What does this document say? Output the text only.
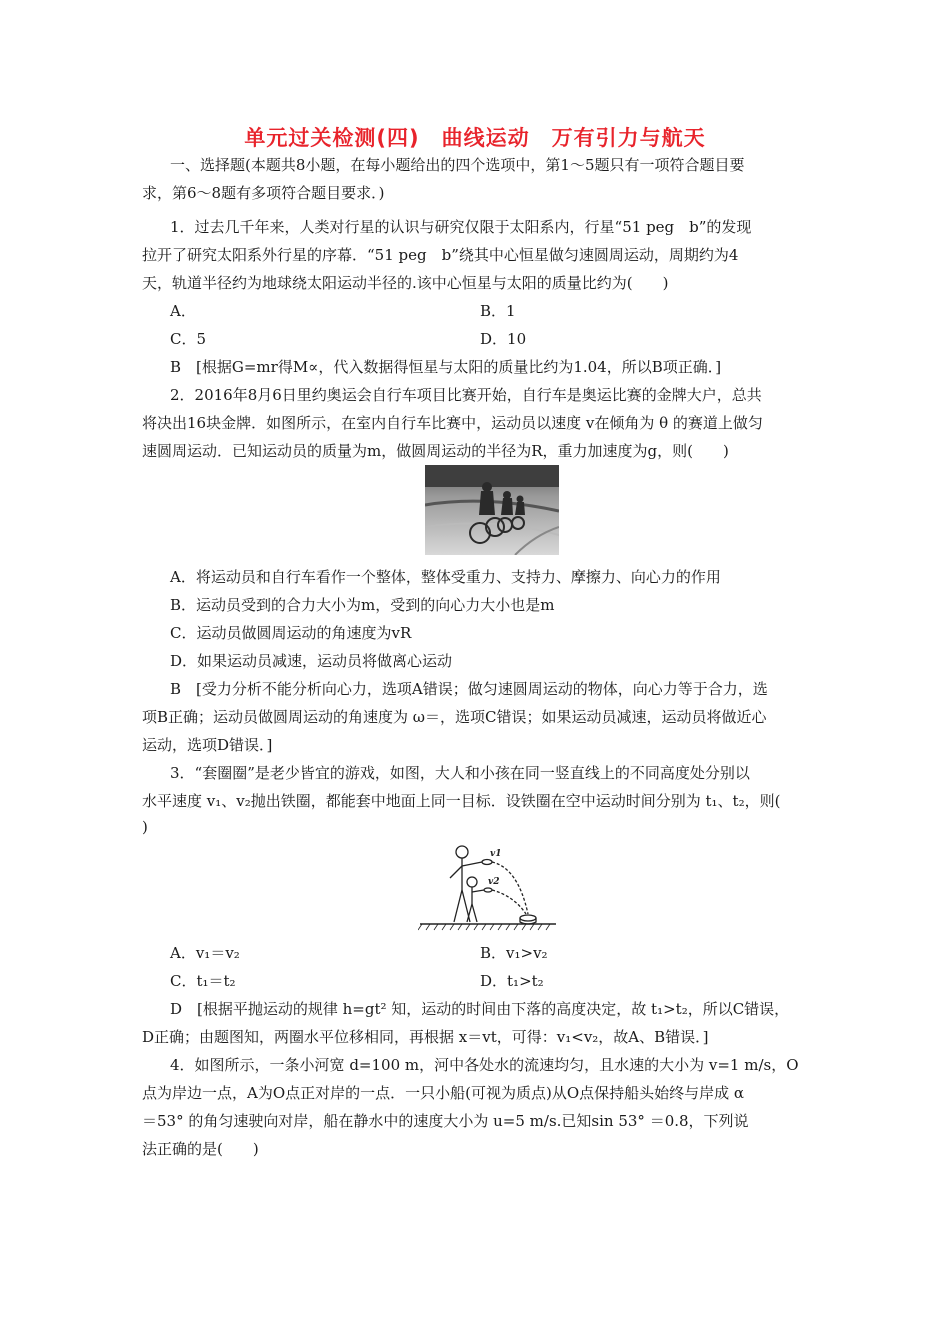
单元过关检测(四)　曲线运动　万有引力与航天
一、选择题(本题共8小题，在每小题给出的四个选项中，第1～5题只有一项符合题目要
求，第6～8题有多项符合题目要求．)
1．过去几千年来，人类对行星的认识与研究仅限于太阳系内，行星“51 peg　b”的发现
拉开了研究太阳系外行星的序幕．“51 peg　b”绕其中心恒星做匀速圆周运动，周期约为4
天，轨道半径约为地球绕太阳运动半径的.该中心恒星与太阳的质量比约为(　　)
A．	B．1
C．5	D．10
B　[根据G=mr得M∝，代入数据得恒星与太阳的质量比约为1.04，所以B项正确．]
2．2016年8月6日里约奥运会自行车项目比赛开始，自行车是奥运比赛的金牌大户，总共
将决出16块金牌．如图所示，在室内自行车比赛中，运动员以速度 v在倾角为 θ 的赛道上做匀
速圆周运动．已知运动员的质量为m，做圆周运动的半径为R，重力加速度为g，则(　　)
A．将运动员和自行车看作一个整体，整体受重力、支持力、摩擦力、向心力的作用
B．运动员受到的合力大小为m，受到的向心力大小也是m
C．运动员做圆周运动的角速度为vR
D．如果运动员减速，运动员将做离心运动
B　[受力分析不能分析向心力，选项A错误；做匀速圆周运动的物体，向心力等于合力，选
项B正确；运动员做圆周运动的角速度为 ω＝，选项C错误；如果运动员减速，运动员将做近心
运动，选项D错误．]
3．“套圈圈”是老少皆宜的游戏，如图，大人和小孩在同一竖直线上的不同高度处分别以
水平速度 v₁、v₂抛出铁圈，都能套中地面上同一目标．设铁圈在空中运动时间分别为 t₁、t₂，则(
)
v1
v2
A．v₁＝v₂	B．v₁>v₂
C．t₁＝t₂	D．t₁>t₂
D　[根据平抛运动的规律 h=gt² 知，运动的时间由下落的高度决定，故 t₁>t₂，所以C错误，
D正确；由题图知，两圈水平位移相同，再根据 x＝vt，可得：v₁<v₂，故A、B错误．]
4．如图所示，一条小河宽 d=100 m，河中各处水的流速均匀，且水速的大小为 v=1 m/s，O
点为岸边一点，A为O点正对岸的一点．一只小船(可视为质点)从O点保持船头始终与岸成 α
＝53° 的角匀速驶向对岸，船在静水中的速度大小为 u=5 m/s.已知sin 53° ＝0.8，下列说
法正确的是(　　)
